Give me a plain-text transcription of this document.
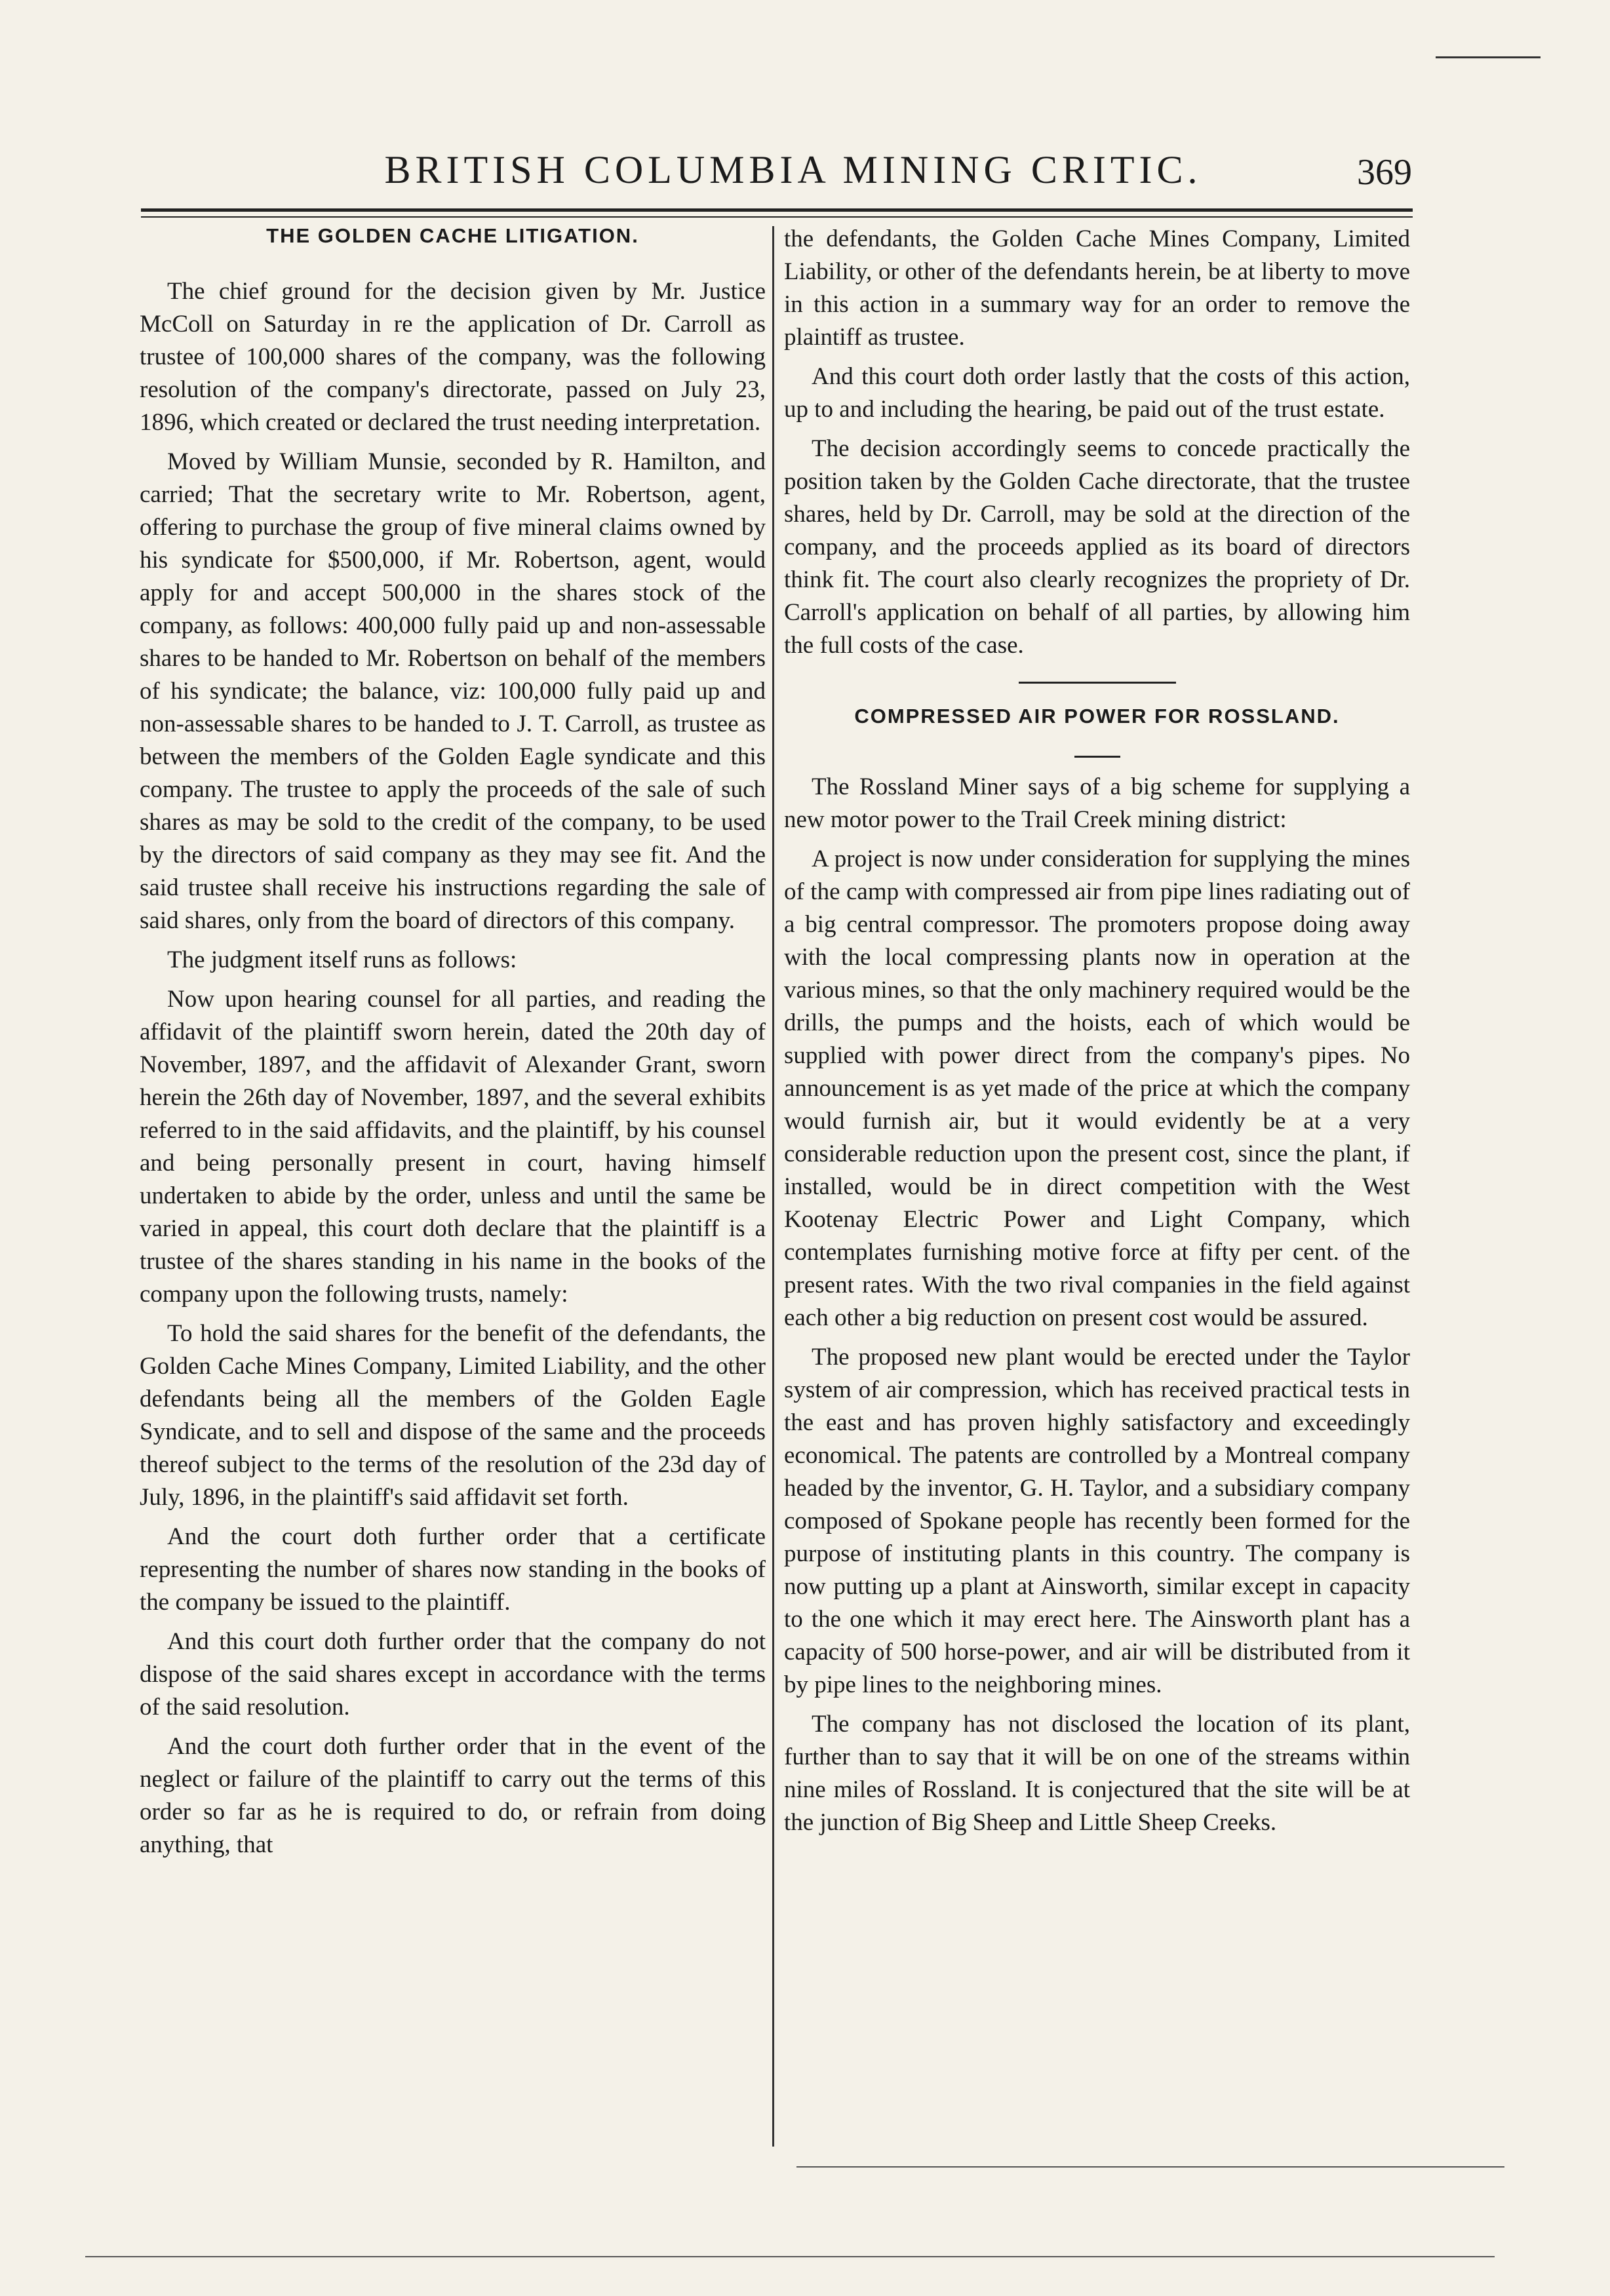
BRITISH COLUMBIA MINING CRITIC.	369
THE GOLDEN CACHE LITIGATION.

The chief ground for the decision given by Mr. Justice McColl on Saturday in re the application of Dr. Carroll as trustee of 100,000 shares of the company, was the following resolution of the company's directorate, passed on July 23, 1896, which created or declared the trust needing interpretation.

Moved by William Munsie, seconded by R. Hamilton, and carried; That the secretary write to Mr. Robertson, agent, offering to purchase the group of five mineral claims owned by his syndicate for $500,000, if Mr. Robertson, agent, would apply for and accept 500,000 in the shares stock of the company, as follows: 400,000 fully paid up and non-assessable shares to be handed to Mr. Robertson on behalf of the members of his syndicate; the balance, viz: 100,000 fully paid up and non-assessable shares to be handed to J. T. Carroll, as trustee as between the members of the Golden Eagle syndicate and this company. The trustee to apply the proceeds of the sale of such shares as may be sold to the credit of the company, to be used by the directors of said company as they may see fit. And the said trustee shall receive his instructions regarding the sale of said shares, only from the board of directors of this company.

The judgment itself runs as follows:

Now upon hearing counsel for all parties, and reading the affidavit of the plaintiff sworn herein, dated the 20th day of November, 1897, and the affidavit of Alexander Grant, sworn herein the 26th day of November, 1897, and the several exhibits referred to in the said affidavits, and the plaintiff, by his counsel and being personally present in court, having himself undertaken to abide by the order, unless and until the same be varied in appeal, this court doth declare that the plaintiff is a trustee of the shares standing in his name in the books of the company upon the following trusts, namely:

To hold the said shares for the benefit of the defendants, the Golden Cache Mines Company, Limited Liability, and the other defendants being all the members of the Golden Eagle Syndicate, and to sell and dispose of the same and the proceeds thereof subject to the terms of the resolution of the 23d day of July, 1896, in the plaintiff's said affidavit set forth.

And the court doth further order that a certificate representing the number of shares now standing in the books of the company be issued to the plaintiff.

And this court doth further order that the company do not dispose of the said shares except in accordance with the terms of the said resolution.

And the court doth further order that in the event of the neglect or failure of the plaintiff to carry out the terms of this order so far as he is required to do, or refrain from doing anything, that

the defendants, the Golden Cache Mines Company, Limited Liability, or other of the defendants herein, be at liberty to move in this action in a summary way for an order to remove the plaintiff as trustee.

And this court doth order lastly that the costs of this action, up to and including the hearing, be paid out of the trust estate.

The decision accordingly seems to concede practically the position taken by the Golden Cache directorate, that the trustee shares, held by Dr. Carroll, may be sold at the direction of the company, and the proceeds applied as its board of directors think fit. The court also clearly recognizes the propriety of Dr. Carroll's application on behalf of all parties, by allowing him the full costs of the case.

COMPRESSED AIR POWER FOR ROSSLAND.

The Rossland Miner says of a big scheme for supplying a new motor power to the Trail Creek mining district:

A project is now under consideration for supplying the mines of the camp with compressed air from pipe lines radiating out of a big central compressor. The promoters propose doing away with the local compressing plants now in operation at the various mines, so that the only machinery required would be the drills, the pumps and the hoists, each of which would be supplied with power direct from the company's pipes. No announcement is as yet made of the price at which the company would furnish air, but it would evidently be at a very considerable reduction upon the present cost, since the plant, if installed, would be in direct competition with the West Kootenay Electric Power and Light Company, which contemplates furnishing motive force at fifty per cent. of the present rates. With the two rival companies in the field against each other a big reduction on present cost would be assured.

The proposed new plant would be erected under the Taylor system of air compression, which has received practical tests in the east and has proven highly satisfactory and exceedingly economical. The patents are controlled by a Montreal company headed by the inventor, G. H. Taylor, and a subsidiary company composed of Spokane people has recently been formed for the purpose of instituting plants in this country. The company is now putting up a plant at Ainsworth, similar except in capacity to the one which it may erect here. The Ainsworth plant has a capacity of 500 horse-power, and air will be distributed from it by pipe lines to the neighboring mines.

The company has not disclosed the location of its plant, further than to say that it will be on one of the streams within nine miles of Rossland. It is conjectured that the site will be at the junction of Big Sheep and Little Sheep Creeks.
